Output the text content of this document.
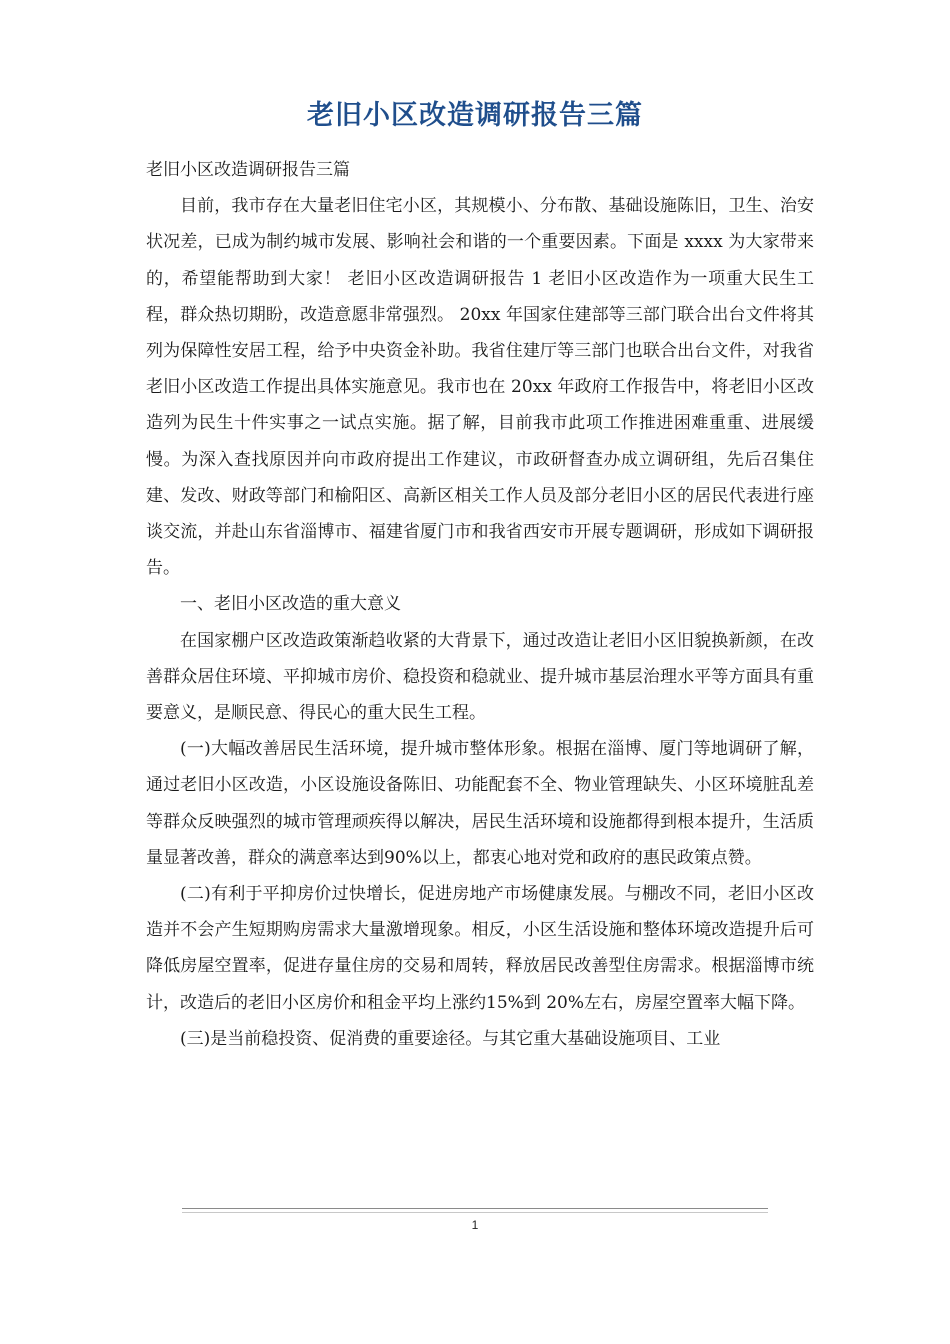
老旧小区改造调研报告三篇

老旧小区改造调研报告三篇

目前，我市存在大量老旧住宅小区，其规模小、分布散、基础设施陈旧，卫生、治安状况差，已成为制约城市发展、影响社会和谐的一个重要因素。下面是 xxxx 为大家带来的，希望能帮助到大家！ 老旧小区改造调研报告 1 老旧小区改造作为一项重大民生工程，群众热切期盼，改造意愿非常强烈。 20xx 年国家住建部等三部门联合出台文件将其列为保障性安居工程，给予中央资金补助。我省住建厅等三部门也联合出台文件，对我省老旧小区改造工作提出具体实施意见。我市也在 20xx 年政府工作报告中，将老旧小区改造列为民生十件实事之一试点实施。据了解，目前我市此项工作推进困难重重、进展缓慢。为深入查找原因并向市政府提出工作建议，市政研督查办成立调研组，先后召集住建、发改、财政等部门和榆阳区、高新区相关工作人员及部分老旧小区的居民代表进行座谈交流，并赴山东省淄博市、福建省厦门市和我省西安市开展专题调研，形成如下调研报告。

一、老旧小区改造的重大意义

在国家棚户区改造政策渐趋收紧的大背景下，通过改造让老旧小区旧貌换新颜，在改善群众居住环境、平抑城市房价、稳投资和稳就业、提升城市基层治理水平等方面具有重要意义，是顺民意、得民心的重大民生工程。

(一)大幅改善居民生活环境，提升城市整体形象。根据在淄博、厦门等地调研了解，通过老旧小区改造，小区设施设备陈旧、功能配套不全、物业管理缺失、小区环境脏乱差等群众反映强烈的城市管理顽疾得以解决，居民生活环境和设施都得到根本提升，生活质量显著改善，群众的满意率达到90%以上，都衷心地对党和政府的惠民政策点赞。

(二)有利于平抑房价过快增长，促进房地产市场健康发展。与棚改不同，老旧小区改造并不会产生短期购房需求大量激增现象。相反，小区生活设施和整体环境改造提升后可降低房屋空置率，促进存量住房的交易和周转，释放居民改善型住房需求。根据淄博市统计，改造后的老旧小区房价和租金平均上涨约15%到 20%左右，房屋空置率大幅下降。

(三)是当前稳投资、促消费的重要途径。与其它重大基础设施项目、工业

1
